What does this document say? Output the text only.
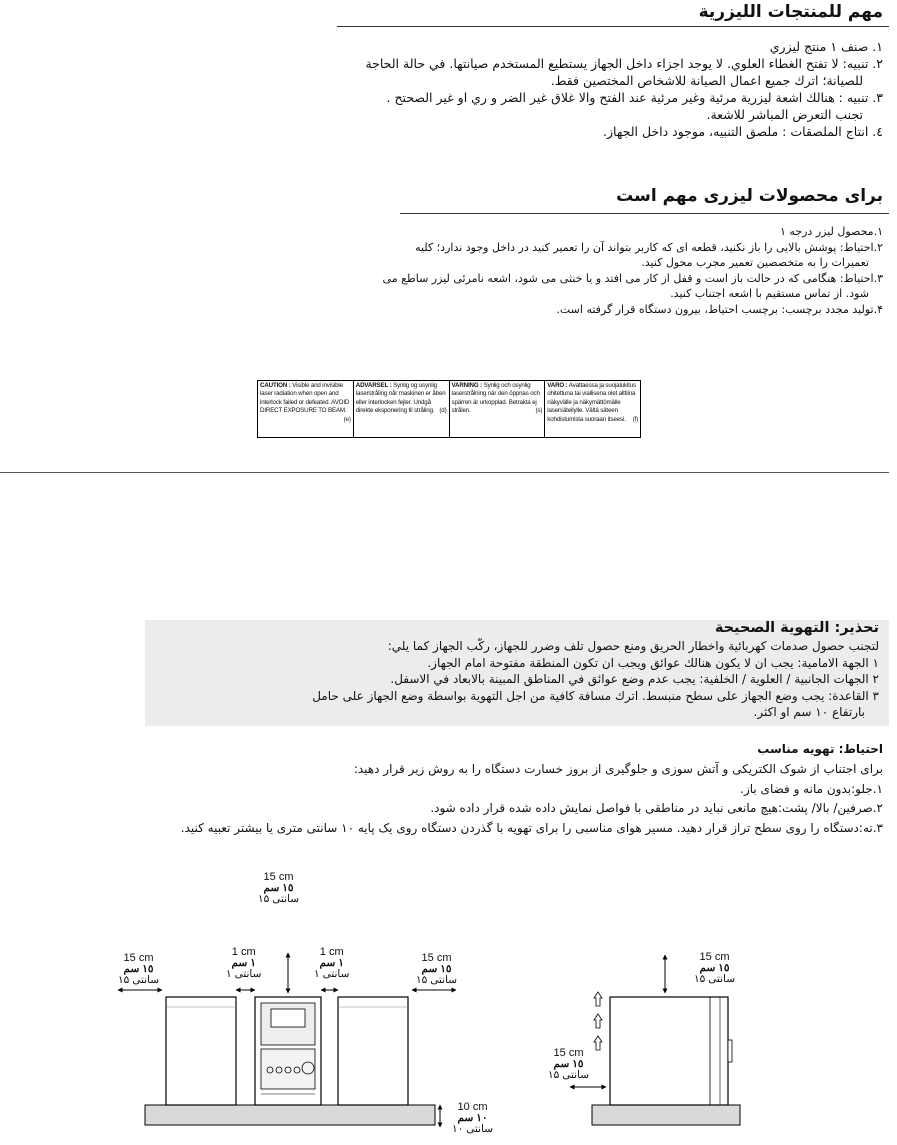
مهم للمنتجات الليزرية
١. صنف ١ منتج ليزري
٢. تنبيه: لا تفتح الغطاء العلوي. لا يوجد اجزاء داخل الجهاز يستطيع المستخدم صيانتها. في حالة الحاجة
للصيانة؛ اترك جميع اعمال الصيانة للاشخاص المختصين فقط.
٣. تنبيه : هنالك اشعة ليزرية مرئية وغير مرئية عند الفتح والا غلاق غير الضر و ري او غير الصحتح .
تجنب التعرض المباشر للاشعة.
٤. انتاج الملصقات : ملصق التنبيه، موجود داخل الجهاز.
برای محصولات لیزری مهم است
۱.محصول لیزر درجه ۱
۲.احتیاط: پوشش بالایی را باز نکنید، قطعه ای که کاربر بتواند آن را تعمیر کنید در داخل وجود ندارد؛ کلیه
تعمیرات را به متخصصین تعمیر مجرب محول کنید.
۳.احتیاط: هنگامی که در حالت باز است و قفل از کار می افتد و یا خنثی می شود، اشعه نامرئی لیزر ساطع می
شود. از تماس مستقیم با اشعه اجتناب کنید.
۴.تولید مجدد برچسب: برچسب احتیاط، بیرون دستگاه قرار گرفته است.
CAUTION : Visible and invisible laser radiation when open and interlock failed or defeated. AVOID DIRECT EXPOSURE TO BEAM.
(e)
ADVARSEL : Synlig og usynlig laserstråling når maskinen er åben eller interlocken fejler. Undgå direkte eksponering til stråling. (d)
VARNING : Synlig och osynlig laserstrålning när den öppnas och spärren är urkopplad. Betrakta ej strålen.	(s)
VARO : Avattaessa ja suojalukitus ohitettuna tai viallisena olet alttiina näkyvälle ja näkymättömälle lasersäteilylle. Vältä säteen kohdistumista suoraan itseesi. (f)
تحذير: التهوية الصحيحة
لتجنب حصول صدمات كهربائية واخطار الحريق ومنع حصول تلف وضرر للجهاز، ركّب الجهاز كما يلي:
١ الجهة الامامية: يجب ان لا يكون هنالك عوائق ويجب ان تكون المنطقة مفتوحة امام الجهاز.
٢ الجهات الجانبية / العلوية / الخلفية: يجب عدم وضع عوائق في المناطق المبينة بالابعاد في الاسفل.
٣ القاعدة: يجب وضع الجهاز على سطح منبسط. اترك مسافة كافية من اجل التهوية بواسطة وضع الجهاز على حامل
بارتفاع ١٠ سم او اكثر.
احتیاط: تهویه مناسب
برای اجتناب از شوک الکتریکی و آتش سوزی و جلوگیری از بروز خسارت دستگاه را به روش زیر قرار دهید:
۱.جلو:بدون مانه و فضای باز.
۲.صرفین/ بالا/ پشت:هیچ مانعی نباید در مناطقی با فواصل نمایش داده شده قرار داده شود.
۳.ته:دستگاه را روی سطح تراز قرار دهید. مسیر هوای مناسبی را برای تهویه با گذردن دستگاه روی یک پایه ۱۰ سانتی متری یا بیشتر تعبیه کنید.
15 cm
١٥ سم
۱۵ سانتی
15 cm
١٥ سم
۱۵ سانتی
1 cm
١ سم
۱ سانتی
1 cm
١ سم
۱ سانتی
15 cm
١٥ سم
۱۵ سانتی
10 cm
١٠ سم
۱۰ سانتی
15 cm
١٥ سم
۱۵ سانتی
15 cm
١٥ سم
۱۵ سانتی
